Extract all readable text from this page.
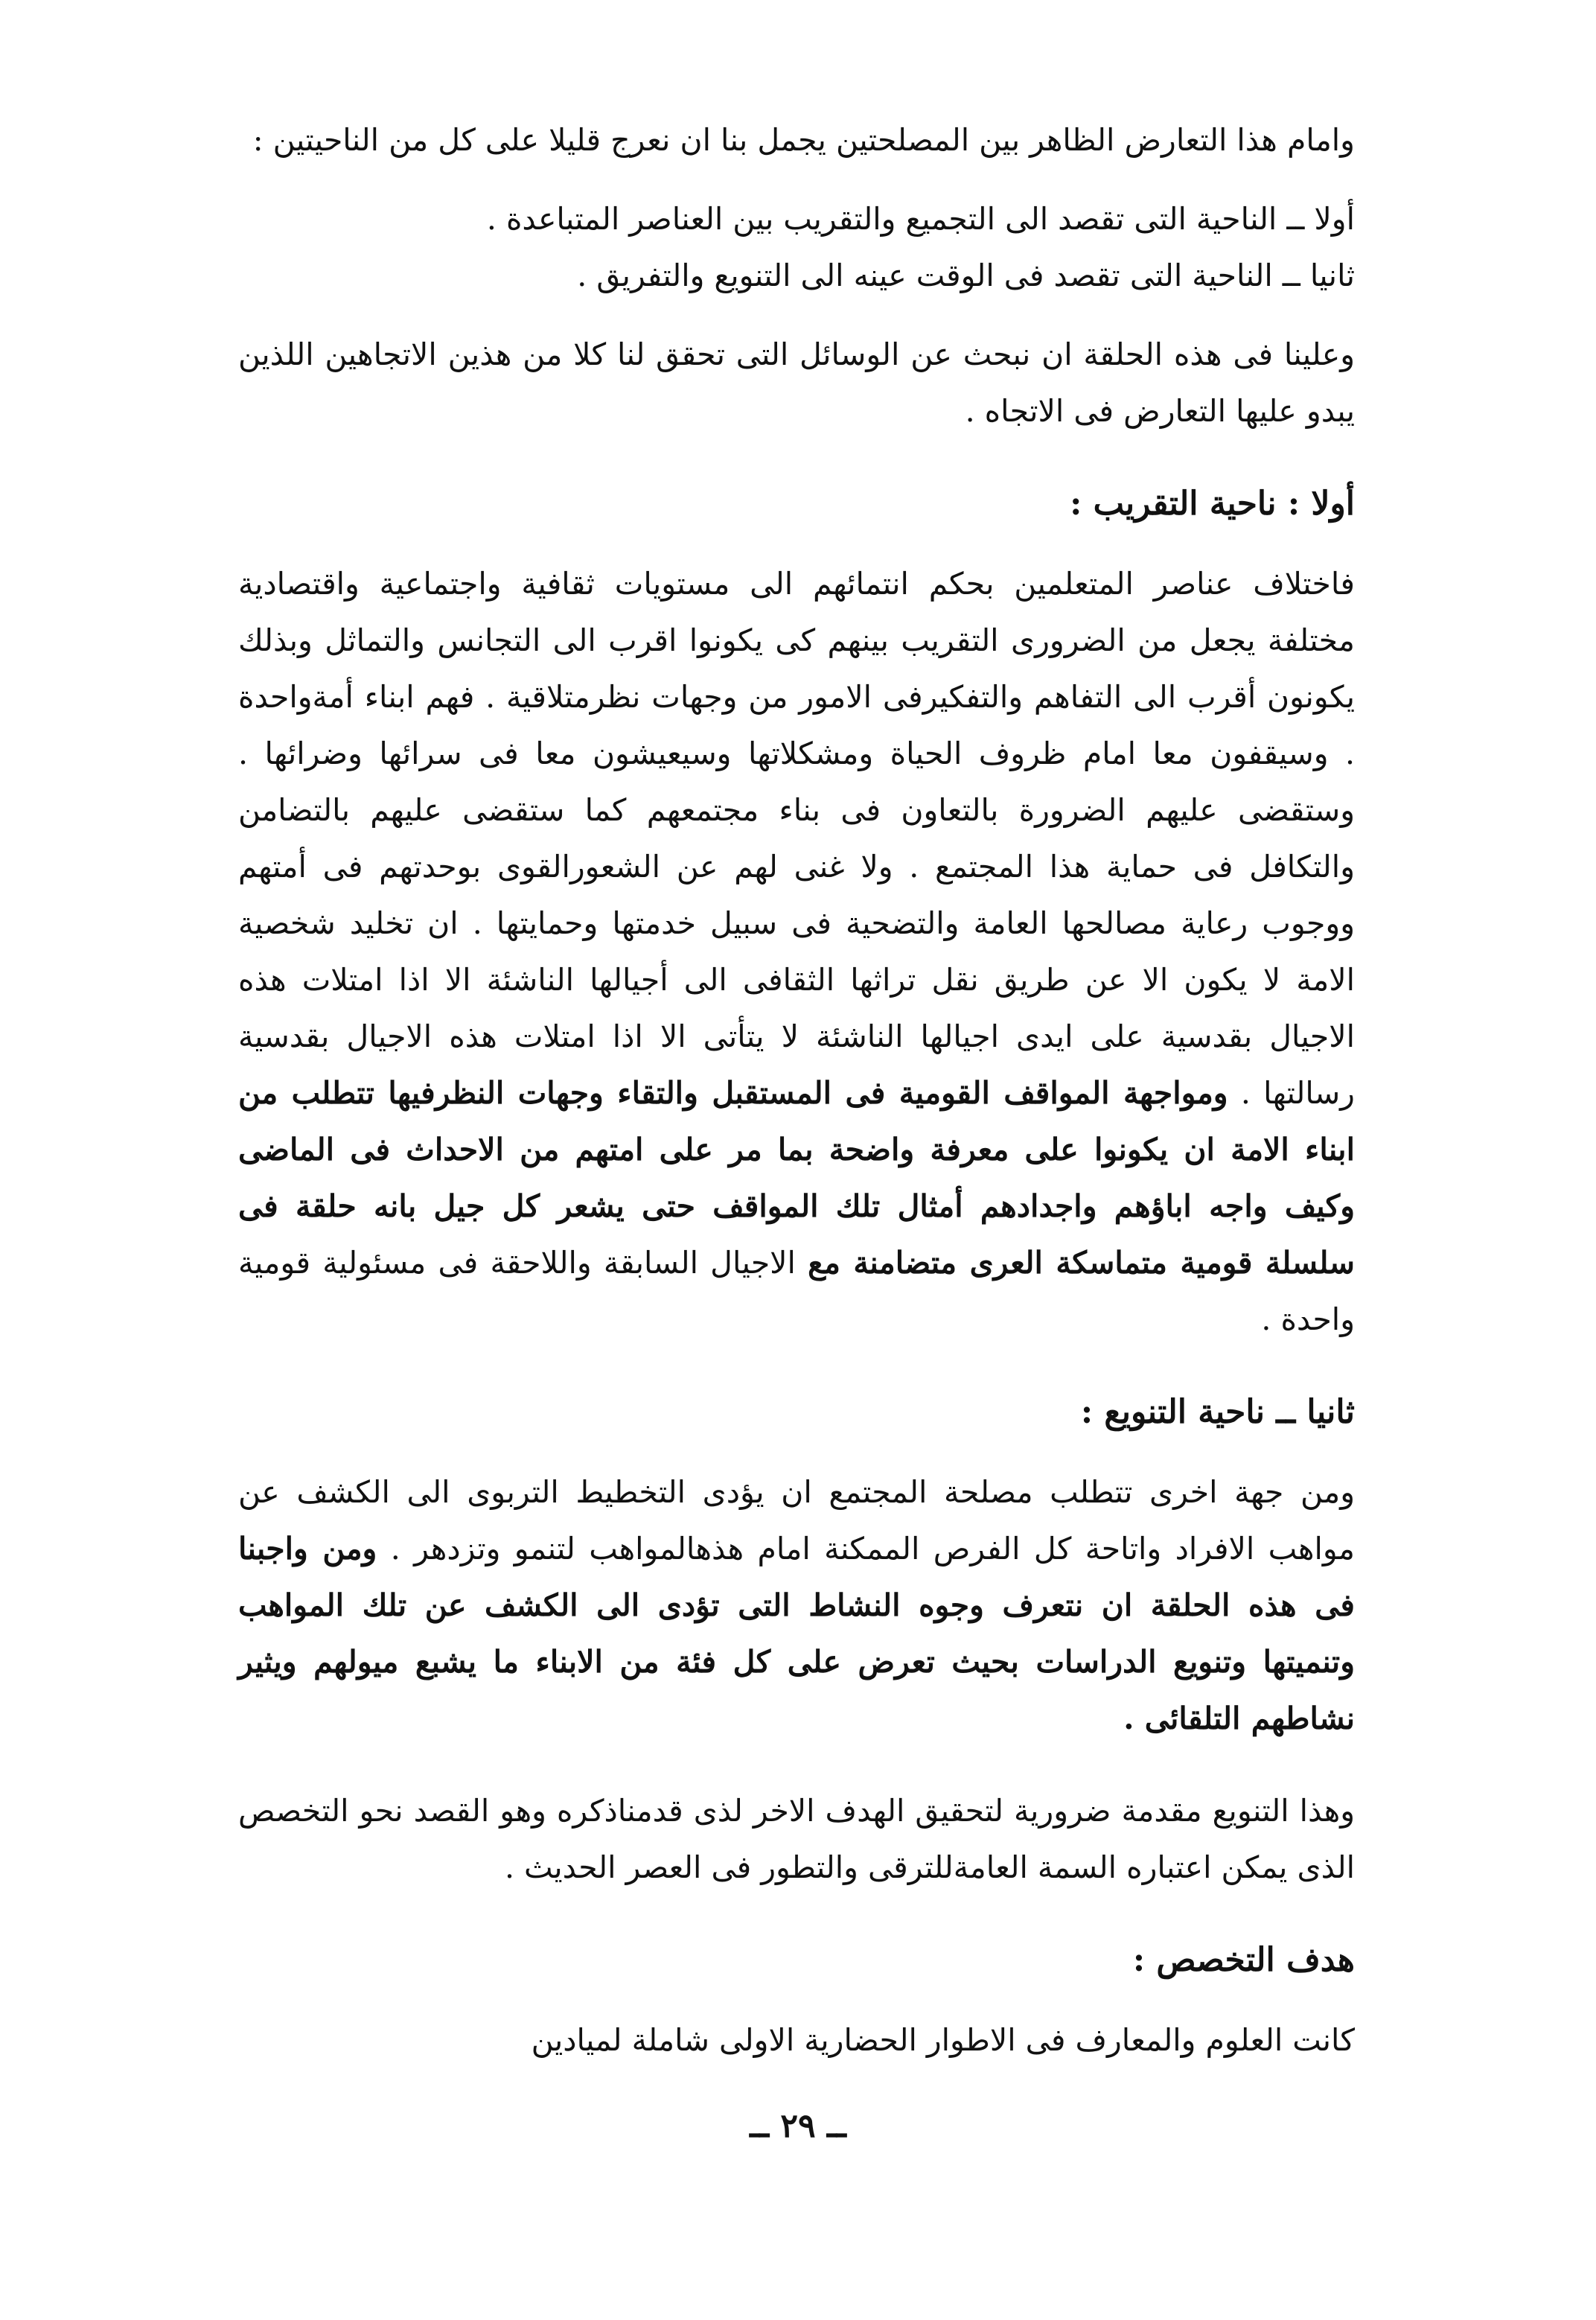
وامام هذا التعارض الظاهر بين المصلحتين يجمل بنا ان نعرج قليلا على كل من الناحيتين :

أولا ــ الناحية التى تقصد الى التجميع والتقريب بين العناصر المتباعدة .

ثانيا ــ الناحية التى تقصد فى الوقت عينه الى التنويع والتفريق .

وعلينا فى هذه الحلقة ان نبحث عن الوسائل التى تحقق لنا كلا من هذين الاتجاهين اللذين يبدو عليها التعارض فى الاتجاه .

أولا : ناحية التقريب :

فاختلاف عناصر المتعلمين بحكم انتمائهم الى مستويات ثقافية واجتماعية واقتصادية مختلفة يجعل من الضرورى التقريب بينهم كى يكونوا اقرب الى التجانس والتماثل وبذلك يكونون أقرب الى التفاهم والتفكيرفى الامور من وجهات نظرمتلاقية . فهم ابناء أمةواحدة . وسيقفون معا امام ظروف الحياة ومشكلاتها وسيعيشون معا فى سرائها وضرائها . وستقضى عليهم الضرورة بالتعاون فى بناء مجتمعهم كما ستقضى عليهم بالتضامن والتكافل فى حماية هذا المجتمع . ولا غنى لهم عن الشعورالقوى بوحدتهم فى أمتهم ووجوب رعاية مصالحها العامة والتضحية فى سبيل خدمتها وحمايتها . ان تخليد شخصية الامة لا يكون الا عن طريق نقل تراثها الثقافى الى أجيالها الناشئة الا اذا امتلات هذه الاجيال بقدسية على ايدى اجيالها الناشئة لا يتأتى الا اذا امتلات هذه الاجيال بقدسية رسالتها . ومواجهة المواقف القومية فى المستقبل والتقاء وجهات النظرفيها تتطلب من ابناء الامة ان يكونوا على معرفة واضحة بما مر على امتهم من الاحداث فى الماضى وكيف واجه اباؤهم واجدادهم أمثال تلك المواقف حتى يشعر كل جيل بانه حلقة فى سلسلة قومية متماسكة العرى متضامنة مع الاجيال السابقة واللاحقة فى مسئولية قومية واحدة .

ثانيا ــ ناحية التنويع :

ومن جهة اخرى تتطلب مصلحة المجتمع ان يؤدى التخطيط التربوى الى الكشف عن مواهب الافراد واتاحة كل الفرص الممكنة امام هذهالمواهب لتنمو وتزدهر . ومن واجبنا فى هذه الحلقة ان نتعرف وجوه النشاط التى تؤدى الى الكشف عن تلك المواهب وتنميتها وتنويع الدراسات بحيث تعرض على كل فئة من الابناء ما يشبع ميولهم ويثير نشاطهم التلقائى .

وهذا التنويع مقدمة ضرورية لتحقيق الهدف الاخر لذى قدمناذكره وهو القصد نحو التخصص الذى يمكن اعتباره السمة العامةللترقى والتطور فى العصر الحديث .

هدف التخصص :

كانت العلوم والمعارف فى الاطوار الحضارية الاولى شاملة لميادين

ــ ٢٩ ــ
